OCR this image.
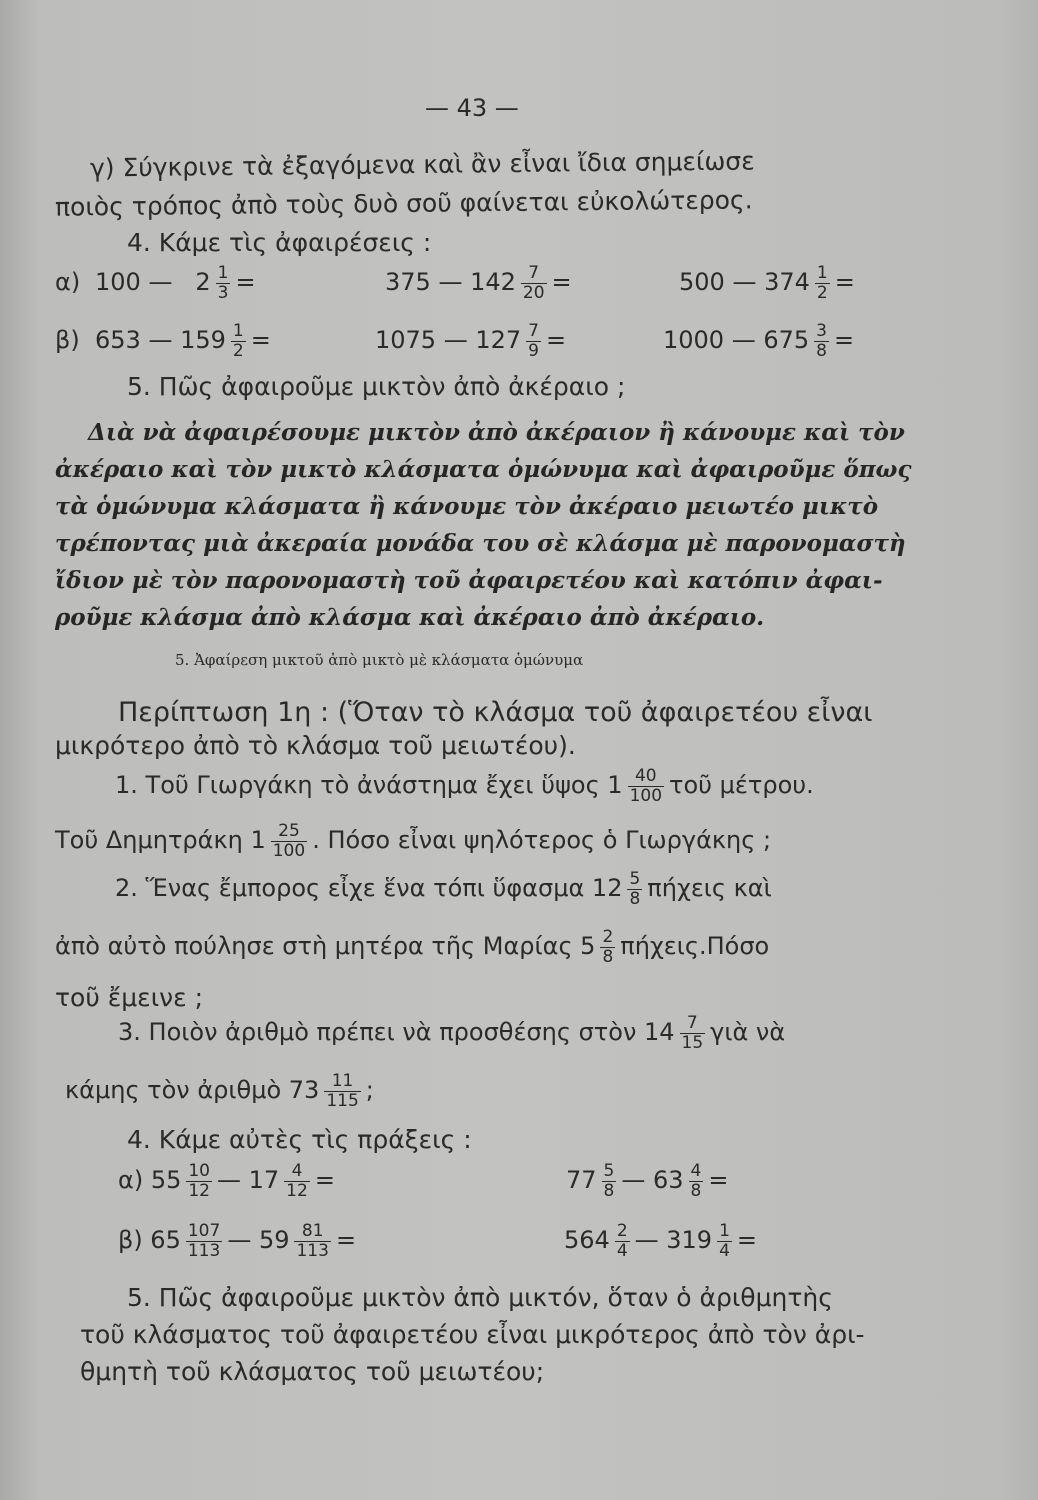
— 43 —
γ) Σύγκρινε τὰ ἐξαγόμενα καὶ ἂν εἶναι ἴδια σημείωσε
ποιὸς τρόπος ἀπὸ τοὺς δυὸ σοῦ φαίνεται εὐκολώτερος.
4. Κάμε τὶς ἀφαιρέσεις :
α) 100 — $2 \frac{1}{3}$ =	375 — $142 \frac{7}{20}$ =	500 — $374 \frac{1}{2}$ =
β) 653 — $159 \frac{1}{2}$ =	1075 — $127 \frac{7}{9}$ =	1000 — $675 \frac{3}{8}$ =
5. Πῶς ἀφαιροῦμε μικτὸν ἀπὸ ἀκέραιο ;
Διὰ νὰ ἀφαιρέσουμε μικτὸν ἀπὸ ἀκέραιον ἢ κάνουμε καὶ τὸν
ἀκέραιο καὶ τὸν μικτὸ κλάσματα ὁμώνυμα καὶ ἀφαιροῦμε ὅπως
τὰ ὁμώνυμα κλάσματα ἢ κάνουμε τὸν ἀκέραιο μειωτέο μικτὸ
τρέποντας μιὰ ἀκεραία μονάδα του σὲ κλάσμα μὲ παρονομαστὴ
ἴδιον μὲ τὸν παρονομαστὴ τοῦ ἀφαιρετέου καὶ κατόπιν ἀφαι-
ροῦμε κλάσμα ἀπὸ κλάσμα καὶ ἀκέραιο ἀπὸ ἀκέραιο.
5. Ἀφαίρεση μικτοῦ ἀπὸ μικτὸ μὲ κλάσματα ὁμώνυμα
Περίπτωση 1η : (Ὅταν τὸ κλάσμα τοῦ ἀφαιρετέου εἶναι
μικρότερο ἀπὸ τὸ κλάσμα τοῦ μειωτέου).
1. Τοῦ Γιωργάκη τὸ ἀνάστημα ἔχει ὕψος $1 \frac{40}{100}$ τοῦ μέτρου.
Τοῦ Δημητράκη $1 \frac{25}{100}$ . Πόσο εἶναι ψηλότερος ὁ Γιωργάκης ;
2. Ἕνας ἔμπορος εἶχε ἕνα τόπι ὕφασμα $12 \frac{5}{8}$ πήχεις καὶ
ἀπὸ αὐτὸ πούλησε στὴ μητέρα τῆς Μαρίας $5 \frac{2}{8} \pi ή\chi\varepsilon\iota\varsigma.\Pi ό\sigma o$
τοῦ ἔμεινε ;
3. Ποιὸν ἀριθμὸ πρέπει νὰ προσθέσης στὸν $14 \frac{7}{15}$ γιὰ νὰ
κάμης τὸν ἀριθμὸ $73 \frac{11}{115}$ ;
4. Κάμε αὐτὲς τὶς πράξεις :
α) $55 \frac{10}{12}$ — $17 \frac{4}{12}$ =	$77 \frac{5}{8}$ — $63 \frac{4}{8}$ =
β) $65 \frac{107}{113}$ — $59 \frac{81}{113}$ =	$564 \frac{2}{4}$ — $319 \frac{1}{4}$ =
5. Πῶς ἀφαιροῦμε μικτὸν ἀπὸ μικτόν, ὅταν ὁ ἀριθμητὴς
τοῦ κλάσματος τοῦ ἀφαιρετέου εἶναι μικρότερος ἀπὸ τὸν ἀρι-
θμητὴ τοῦ κλάσματος τοῦ μειωτέου;
